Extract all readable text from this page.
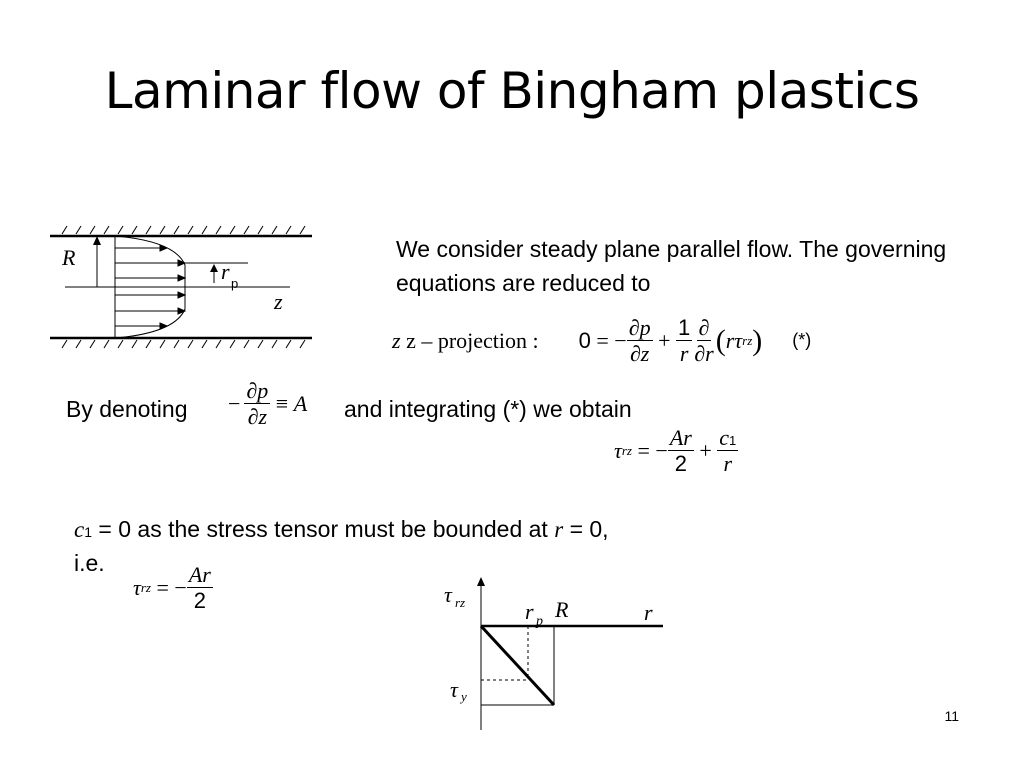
Laminar flow of Bingham plastics
R
r p
z
We consider steady plane parallel flow. The governing equations are reduced to
z z – projection : 0 = − $\frac{\partial p}{\partial z} + \frac{1}{r} \frac{\partial}{\partial r}$ ( rτ rz ) (*)
By denoting − $\frac{\partial p}{\partial z} \equiv A$ and integrating (*) we obtain
τ rz = − $\frac{Ar}{2} + \frac{c1}{r}$
c1 = 0 as the stress tensor must be bounded at r = 0,
i.e.
τ rz = − $\frac{Ar}{2}$	τ rz
τ y
r p R	r
11
